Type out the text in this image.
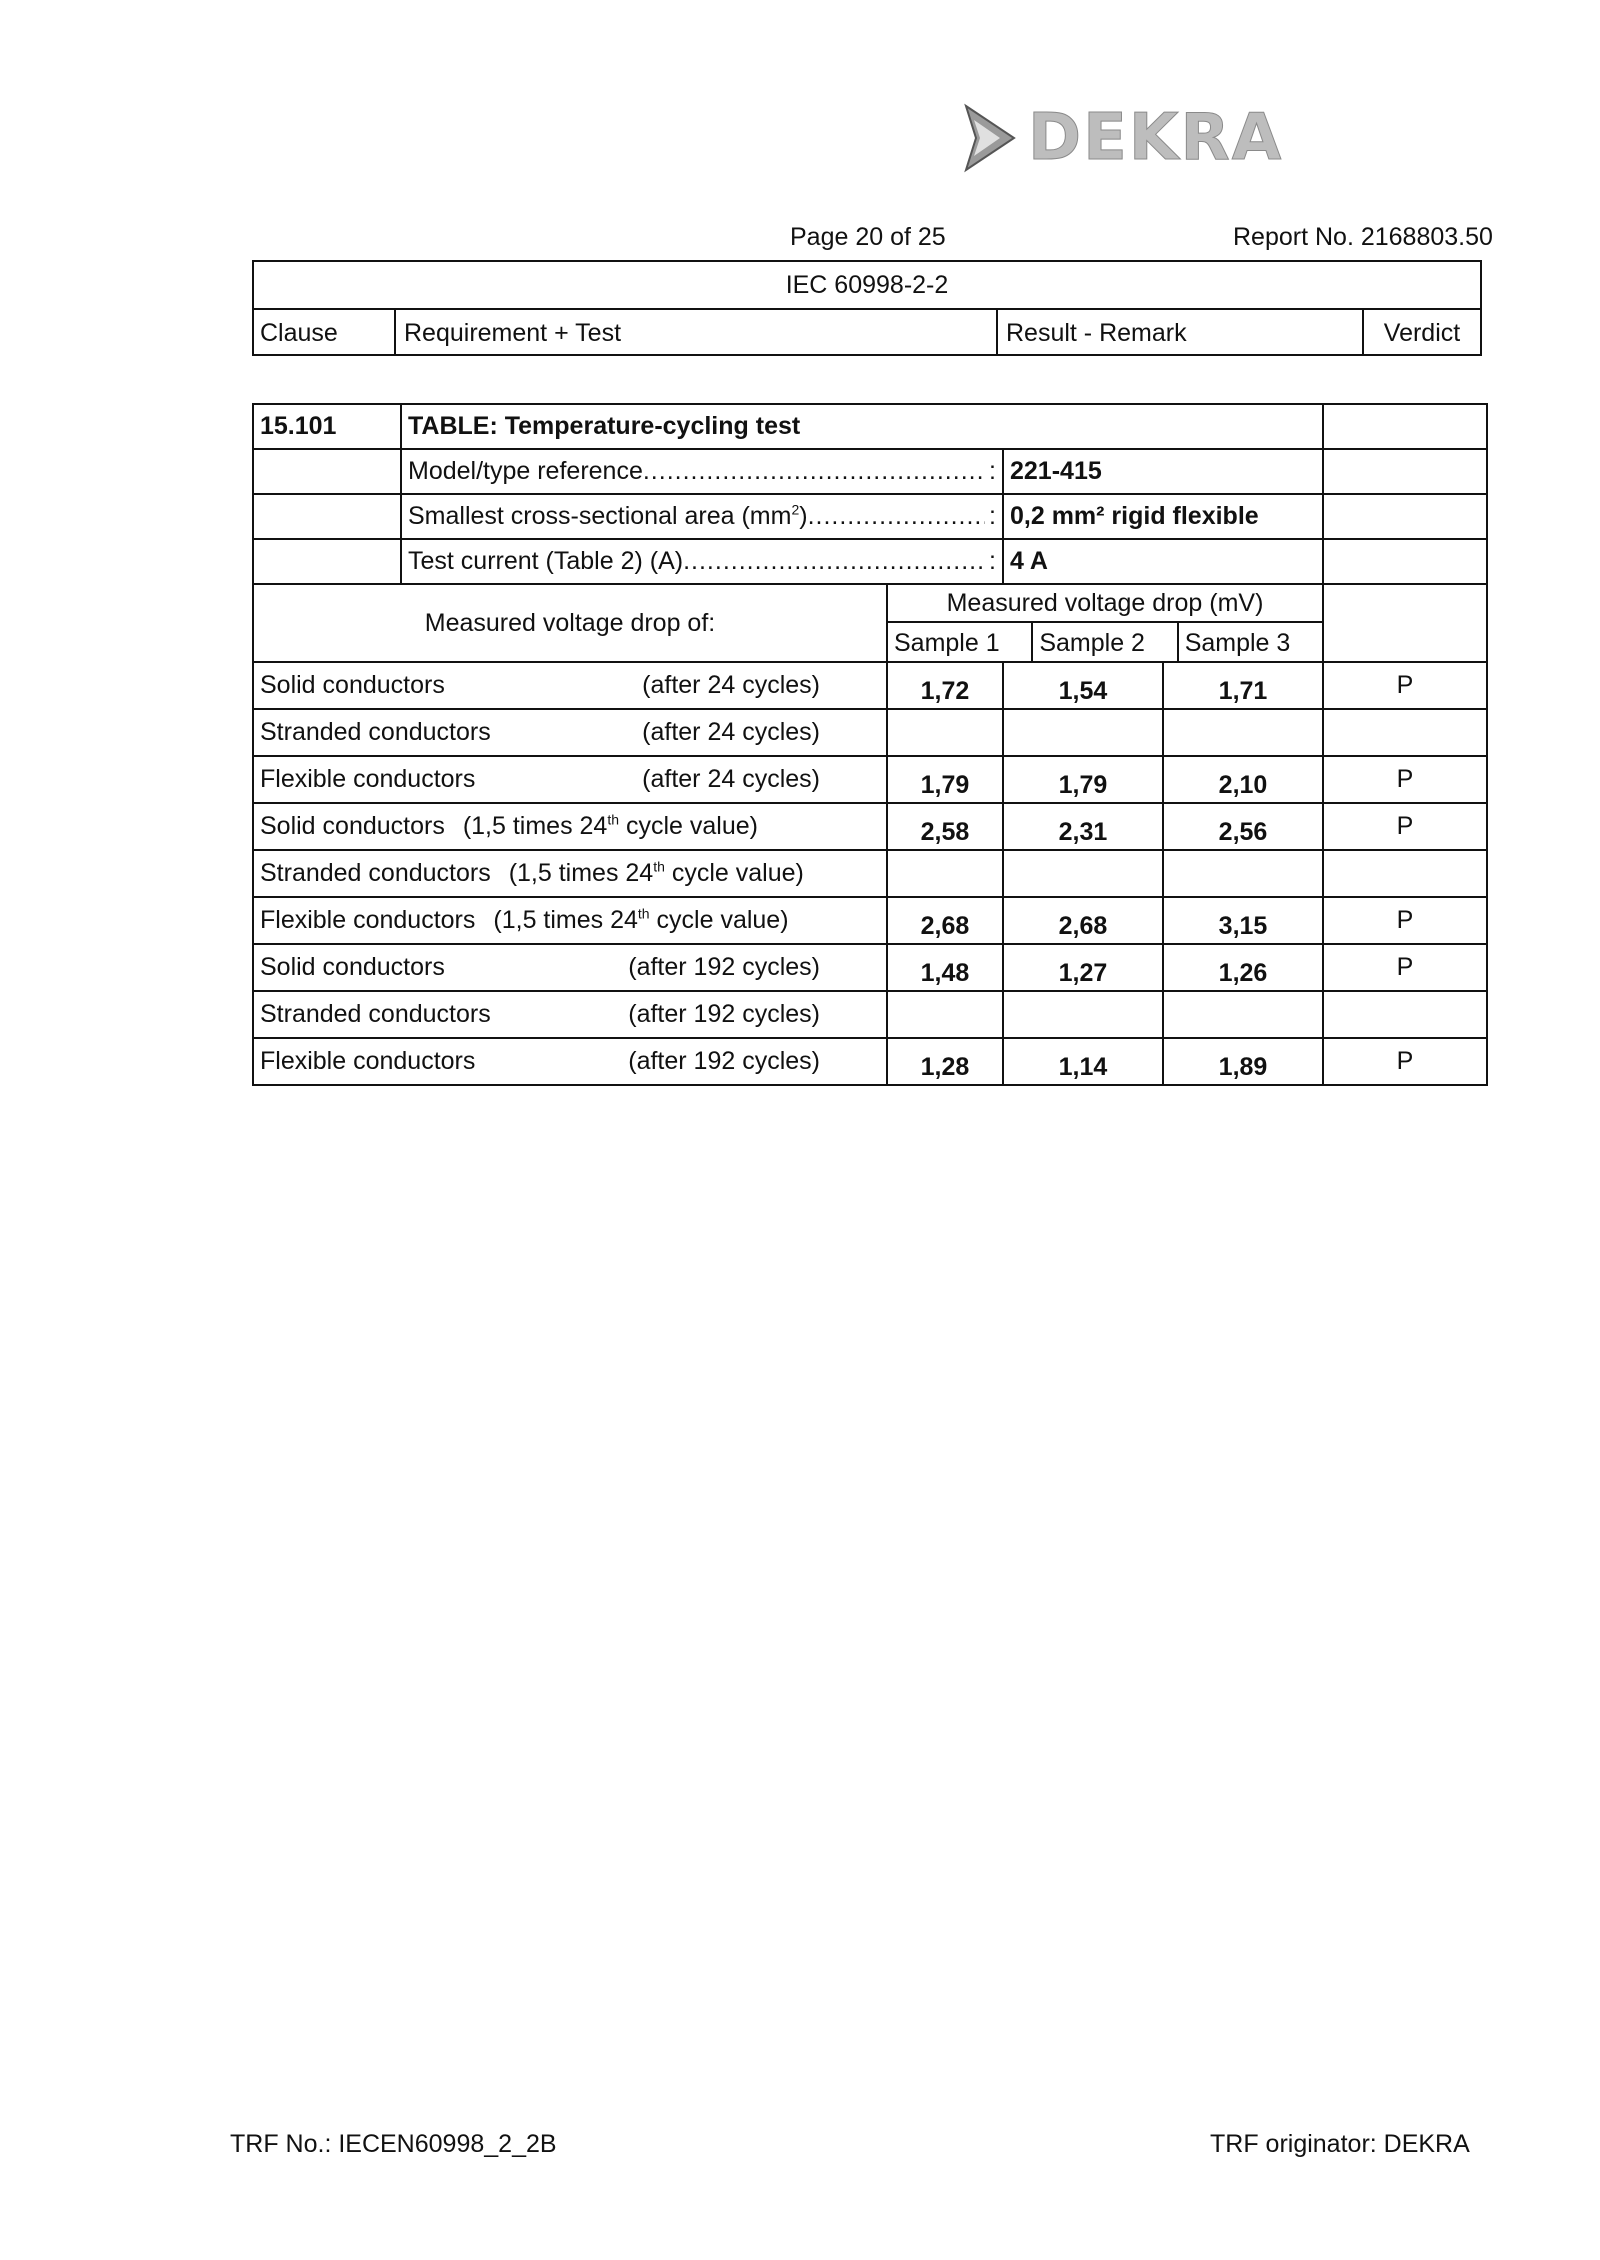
DEKRA
Page 20 of 25	Report No. 2168803.50
IEC 60998-2-2
Clause	Requirement + Test	Result - Remark	Verdict
15.101	TABLE: Temperature-cycling test				

	Model/type reference ..... :		221-415		

	Smallest cross-sectional area $(mm^2)$ ..... :		0,2 mm² rigid flexible		

	Test current (Table 2) (A) ..... :		4 A		
Measured voltage drop of:		Measured voltage drop (mV)
Sample 1 Sample 2 Sample 3			

Solid conductors (after 24 cycles)		1,72	1,54	1,71	P

Stranded conductors (after 24 cycles)					

Flexible conductors (after 24 cycles)		1,79	1,79	2,10	P

Solid conductors (1,5 times 24th cycle value)		2,58	2,31	2,56	P

Stranded conductors (1,5 times 24th cycle value)					

Flexible conductors (1,5 times 24th cycle value)		2,68	2,68	3,15	P

Solid conductors (after 192 cycles)		1,48	1,27	1,26	P

Stranded conductors (after 192 cycles)					

Flexible conductors (after 192 cycles)		1,28	1,14	1,89	P
TRF No.: IECEN60998_2_2B	TRF originator: DEKRA
